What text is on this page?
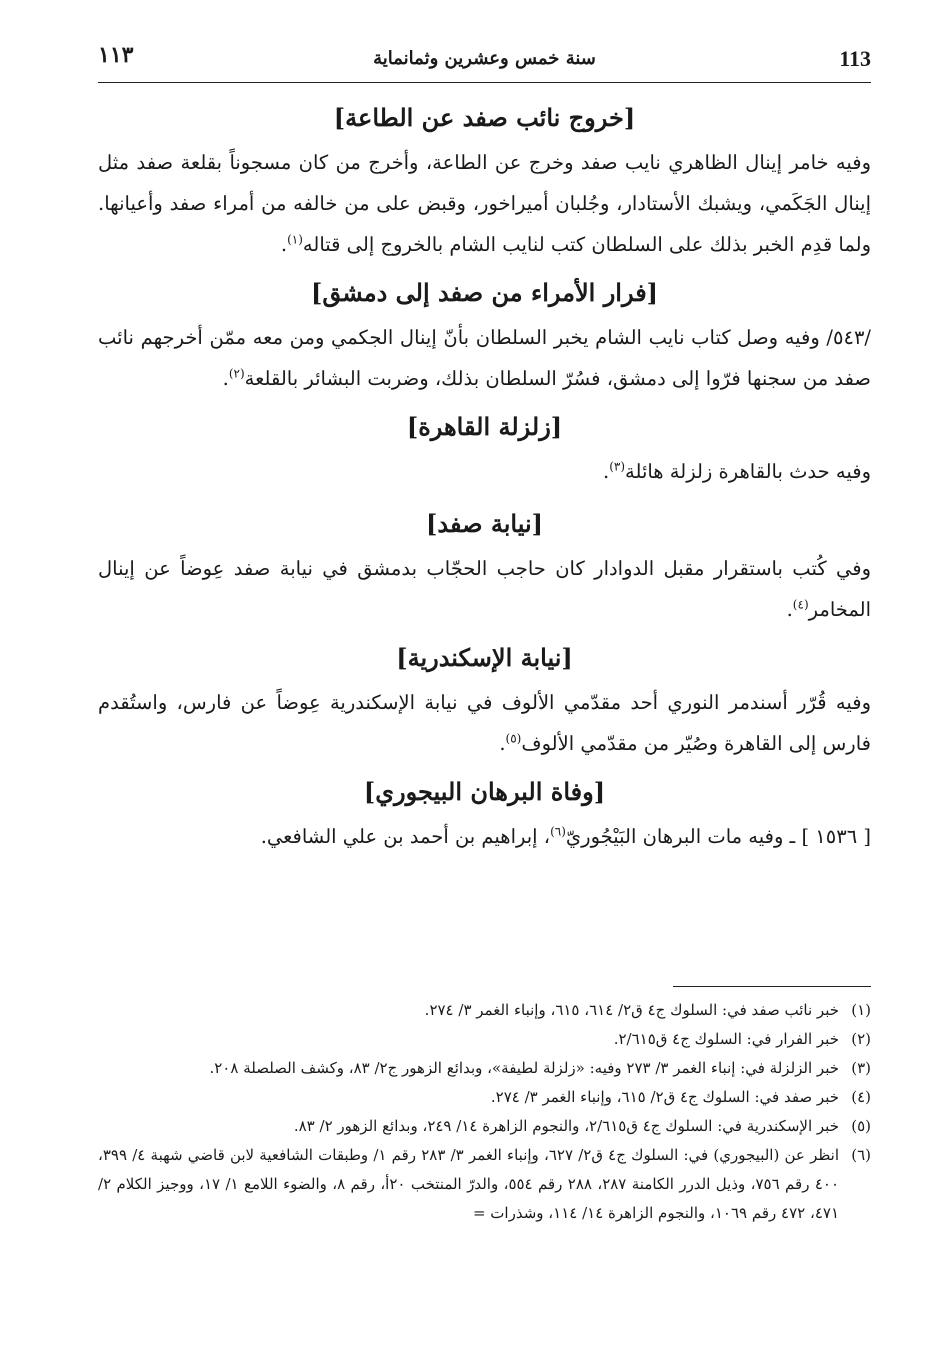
١١٣	سنة خمس وعشرين وثمانماية	113
[خروج نائب صفد عن الطاعة]

وفيه خامر إينال الظاهري نايب صفد وخرج عن الطاعة، وأخرج من كان مسجوناً بقلعة صفد مثل إينال الجَكَمي، ويشبك الأستادار، وجُلبان أميراخور، وقبض على من خالفه من أمراء صفد وأعيانها. ولما قدِم الخبر بذلك على السلطان كتب لنايب الشام بالخروج إلى قتاله$^{(١)}$.

[فرار الأمراء من صفد إلى دمشق]

/٥٤٣/ وفيه وصل كتاب نايب الشام يخبر السلطان بأنّ إينال الجكمي ومن معه ممّن أخرجهم نائب صفد من سجنها فرّوا إلى دمشق، فسُرّ السلطان بذلك، وضربت البشائر بالقلعة$^{(٢)}$.

[زلزلة القاهرة]

وفيه حدث بالقاهرة زلزلة هائلة$^{(٣)}$.

[نيابة صفد]

وفي كُتب باستقرار مقبل الدوادار كان حاجب الحجّاب بدمشق في نيابة صفد عِوضاً عن إينال المخامر$^{(٤)}$.

[نيابة الإسكندرية]

وفيه قُرّر أسندمر النوري أحد مقدّمي الألوف في نيابة الإسكندرية عِوضاً عن فارس، واستُقدم فارس إلى القاهرة وصُيّر من مقدّمي الألوف$^{(٥)}$.

[وفاة البرهان البيجوري]

[ ١٥٣٦ ] ـ وفيه مات البرهان البَيْجُوريّ$^{(٦)}$، إبراهيم بن أحمد بن علي الشافعي.

(١)
خبر نائب صفد في: السلوك ج٤ ق٢/ ٦١٤، ٦١٥، وإنباء الغمر ٣/ ٢٧٤.
(٢)
خبر الفرار في: السلوك ج٤ ق٢/٦١٥.
(٣)
خبر الزلزلة في: إنباء الغمر ٣/ ٢٧٣ وفيه: «زلزلة لطيفة»، وبدائع الزهور ج٢/ ٨٣، وكشف الصلصلة ٢٠٨.
(٤)
خبر صفد في: السلوك ج٤ ق٢/ ٦١٥، وإنباء الغمر ٣/ ٢٧٤.
(٥)
خبر الإسكندرية في: السلوك ج٤ ق٢/٦١٥، والنجوم الزاهرة ١٤/ ٢٤٩، وبدائع الزهور ٢/ ٨٣.
(٦)
انظر عن (البيجوري) في: السلوك ج٤ ق٢/ ٦٢٧، وإنباء الغمر ٣/ ٢٨٣ رقم ١/ وطبقات الشافعية لابن قاضي شهبة ٤/ ٣٩٩، ٤٠٠ رقم ٧٥٦، وذيل الدرر الكامنة ٢٨٧، ٢٨٨ رقم ٥٥٤، والدرّ المنتخب ٢٠أ، رقم ٨، والضوء اللامع ١/ ١٧، ووجيز الكلام ٢/ ٤٧١، ٤٧٢ رقم ١٠٦٩، والنجوم الزاهرة ١٤/ ١١٤، وشذرات =
